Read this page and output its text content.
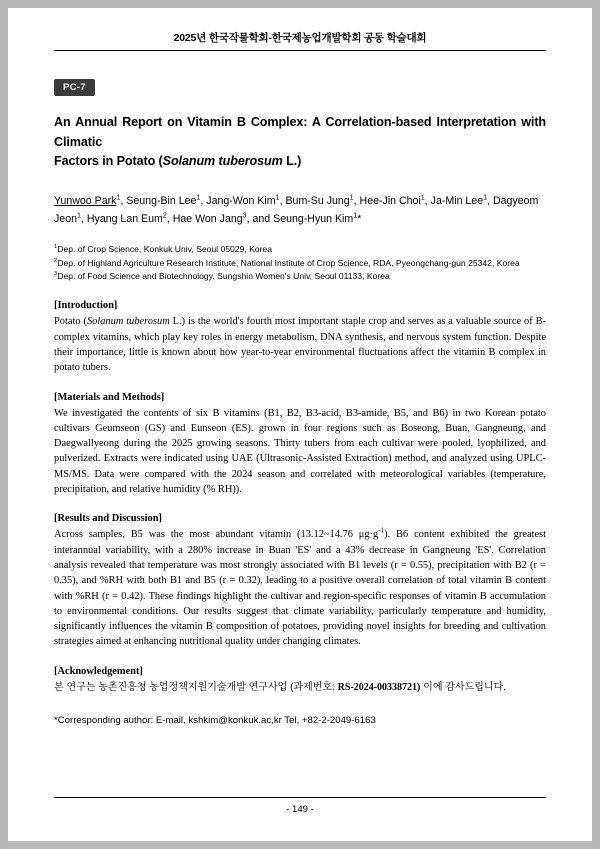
2025년 한국작물학회-한국제농업개발학회 공동 학술대회
PC-7
An Annual Report on Vitamin B Complex: A Correlation-based Interpretation with Climatic
Factors in Potato (Solanum tuberosum L.)
Yunwoo Park$^1$, Seung-Bin Lee$^1$, Jang-Won Kim$^1$, Bum-Su Jung$^1$, Hee-Jin Choi$^1$, Ja-Min Lee$^1$, Dagyeom Jeon$^1$, Hyang Lan Eum$^2$, Hae Won Jang$^3$, and Seung-Hyun Kim$^1$*
$^1$Dep. of Crop Science, Konkuk Univ, Seoul 05029, Korea
$^2$Dep. of Highland Agriculture Research Institute, National Institute of Crop Science, RDA, Pyeongchang-gun 25342, Korea
$^3$Dep. of Food Science and Biotechnology, Sungshin Women's Univ, Seoul 01133, Korea
[Introduction]
Potato (Solanum tuberosum L.) is the world's fourth most important staple crop and serves as a valuable source of B-complex vitamins, which play key roles in energy metabolism, DNA synthesis, and nervous system function. Despite their importance, little is known about how year-to-year environmental fluctuations affect the vitamin B complex in potato tubers.
[Materials and Methods]
We investigated the contents of six B vitamins (B1, B2, B3-acid, B3-amide, B5, and B6) in two Korean potato cultivars Geumseon (GS) and Eunseon (ES). grown in four regions such as Boseong, Buan, Gangneung, and Daegwallyeong during the 2025 growing seasons. Thirty tubers from each cultivar were pooled, lyophilized, and pulverized. Extracts were indicated using UAE (Ultrasonic-Assisted Extraction) method, and analyzed using UPLC-MS/MS. Data were compared with the 2024 season and correlated with meteorological variables (temperature, precipitation, and relative humidity (% RH)).
[Results and Discussion]
Across samples, B5 was the most abundant vitamin (13.12~14.76 $\mu g\cdot g^{-1}$). B6 content exhibited the greatest interannual variability, with a 280% increase in Buan 'ES' and a 43% decrease in Gangneung 'ES'. Correlation analysis revealed that temperature was most strongly associated with B1 levels (r = 0.55), precipitation with B2 (r = 0.35), and %RH with both B1 and B5 (r = 0.32), leading to a positive overall correlation of total vitamin B content with %RH (r = 0.42). These findings highlight the cultivar and region-specific responses of vitamin B accumulation to environmental conditions. Our results suggest that climate variability, particularly temperature and humidity, significantly influences the vitamin B composition of potatoes, providing novel insights for breeding and cultivation strategies aimed at enhancing nutritional quality under changing climates.
[Acknowledgement]
본 연구는 농촌진흥청 농업정책지원기술개발 연구사업 (과제번호: RS-2024-00338721) 이에 감사드립니다.
*Corresponding author: E-mail, kshkim@konkuk.ac,kr Tel, +82-2-2049-6163
- 149 -
